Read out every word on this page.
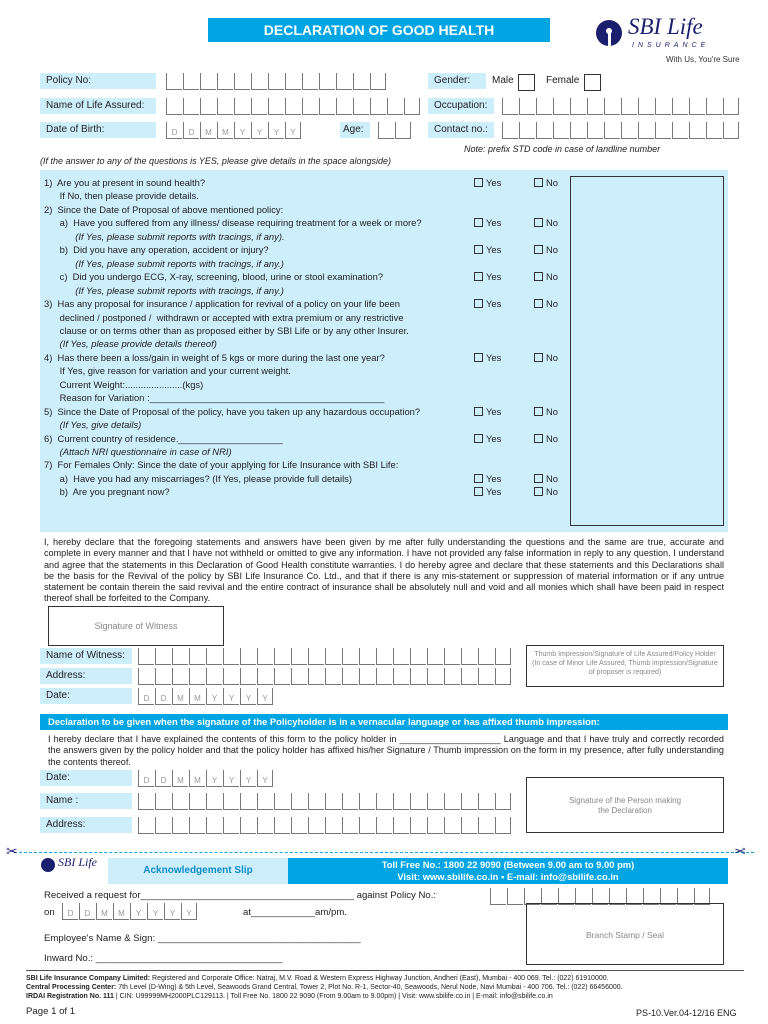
DECLARATION OF GOOD HEALTH	SBI Life
INSURANCE
With Us, You're Sure
Policy No:	Gender:	Male	Female
Name of Life Assured:	Occupation:
Date of Birth:	D	D	M	M	Y	Y	Y	Y	Age:	Contact no.:
Note: prefix STD code in case of landline number
(If the answer to any of the questions is YES, please give details in the space alongside)
1)  Are you at present in sound health?	Yes	No
If No, then please provide details.
2)  Since the Date of Proposal of above mentioned policy:
a)  Have you suffered from any illness/ disease requiring treatment for a week or more?	Yes	No
(If Yes, please submit reports with tracings, if any).
b)  Did you have any operation, accident or injury?	Yes	No
(If Yes, please submit reports with tracings, if any.)
c)  Did you undergo ECG, X-ray, screening, blood, urine or stool examination?	Yes	No
(If Yes, please submit reports with tracings, if any.)
3)  Has any proposal for insurance / application for revival of a policy on your life been	Yes	No
declined / postponed /  withdrawn or accepted with extra premium or any restrictive
clause or on terms other than as proposed either by SBI Life or by any other Insurer.
(If Yes, please provide details thereof)
4)  Has there been a loss/gain in weight of 5 kgs or more during the last one year?	Yes	No
If Yes, give reason for variation and your current weight.
Current Weight:......................(kgs)
Reason for Variation :_____________________________________________
5)  Since the Date of Proposal of the policy, have you taken up any hazardous occupation?	Yes	No
(If Yes, give details)
6)  Current country of residence.____________________	Yes	No
(Attach NRI questionnaire in case of NRI)
7)  For Females Only: Since the date of your applying for Life Insurance with SBI Life:
a)  Have you had any miscarriages? (If Yes, please provide full details)	Yes	No
b)  Are you pregnant now?	Yes	No
I, hereby declare that the foregoing statements and answers have been given by me after fully understanding the questions and the same are true, accurate and complete in every manner and that I have not withheld or omitted to give any information. I have not provided any false information in reply to any question. I understand and agree that the statements in this Declaration of Good Health constitute warranties. I do hereby agree and declare that these statements and this Declarations shall be the basis for the Revival of the policy by SBI Life Insurance Co. Ltd., and that if there is any mis-statement or suppression of material information or if any untrue statement be contain therein the said revival and the entire contract of insurance shall be absolutely null and void and all monies which shall have been paid in respect thereof shall be forfeited to the Company.
Signature of Witness
Name of Witness:
Address:
Date:	D	D	M	M	Y	Y	Y	Y
Thumb Impression/Signature of Life Assured/Policy Holder (In case of Minor Life Assured, Thumb impression/Signature of proposer is required)
Declaration to be given when the signature of the Policyholder is in a vernacular language or has affixed thumb impression:
I hereby declare that I have explained the contents of this form to the policy holder in ____________________ Language and that I have truly and correctly recorded the answers given by the policy holder and that the policy holder has affixed his/her Signature / Thumb impression on the form in my presence, after fully understanding the contents thereof.
Date:	D	D	M	M	Y	Y	Y	Y
Name :
Address:
Signature of the Person making the Declaration
✂	✂
SBI Life
Acknowledgement Slip
Toll Free No.: 1800 22 9090 (Between 9.00 am to 9.00 pm)
Visit: www.sbilife.co.in • E-mail: info@sbilife.co.in
Received a request for________________________________________ against Policy No.:
on	D	D	M	M	Y	Y	Y	Y	at____________am/pm.
Employee's Name & Sign: ______________________________________
Inward No.: ___________________________________
Branch Stamp / Seal
SBI Life Insurance Company Limited: Registered and Corporate Office: Natraj, M.V. Road & Western Express Highway Junction, Andheri (East), Mumbai - 400 069. Tel.: (022) 61910000.
Central Processing Center: 7th Level (D-Wing) & 5th Level, Seawoods Grand Central, Tower 2, Plot No. R-1, Sector-40, Seawoods, Nerul Node, Navi Mumbai - 400 706. Tel.: (022) 66456000.
IRDAI Registration No. 111 | CIN: U99999MH2000PLC129113. | Toll Free No. 1800 22 9090 (From 9.00am to 9.00pm) | Visit: www.sbilife.co.in | E-mail: info@sbilife.co.in
Page 1 of 1	PS-10.Ver.04-12/16 ENG
